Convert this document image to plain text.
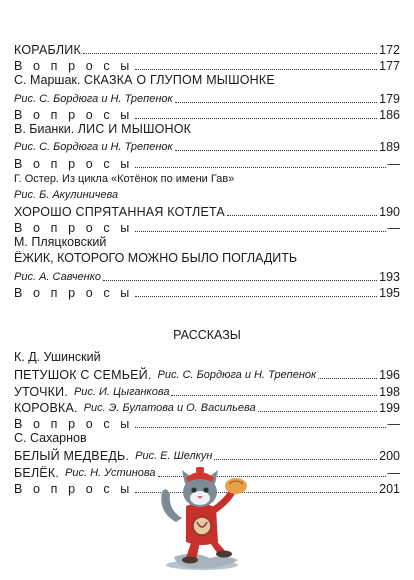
КОРАБЛИК	172
В о п р о с ы	177
С. Маршак. СКАЗКА О ГЛУПОМ МЫШОНКЕ
Рис. С. Бордюга и Н. Трепенок	179
В о п р о с ы	186
В. Бианки. ЛИС И МЫШОНОК
Рис. С. Бордюга и Н. Трепенок	189
В о п р о с ы	—
Г. Остер. Из цикла «Котёнок по имени Гав»
Рис. Б. Акулиничева
ХОРОШО СПРЯТАННАЯ КОТЛЕТА	190
В о п р о с ы	—
М. Пляцковский
ЁЖИК, КОТОРОГО МОЖНО БЫЛО ПОГЛАДИТЬ
Рис. А. Савченко	193
В о п р о с ы	195
РАССКАЗЫ
К. Д. Ушинский
ПЕТУШОК С СЕМЬЕЙ. Рис. С. Бордюга и Н. Трепенок	196
УТОЧКИ. Рис. И. Цыганкова	198
КОРОВКА. Рис. Э. Булатова и О. Васильева	199
В о п р о с ы	—
С. Сахарнов
БЕЛЫЙ МЕДВЕДЬ. Рис. Е. Шелкун	200
БЕЛЁК. Рис. Н. Устинова	—
В о п р о с ы	201
